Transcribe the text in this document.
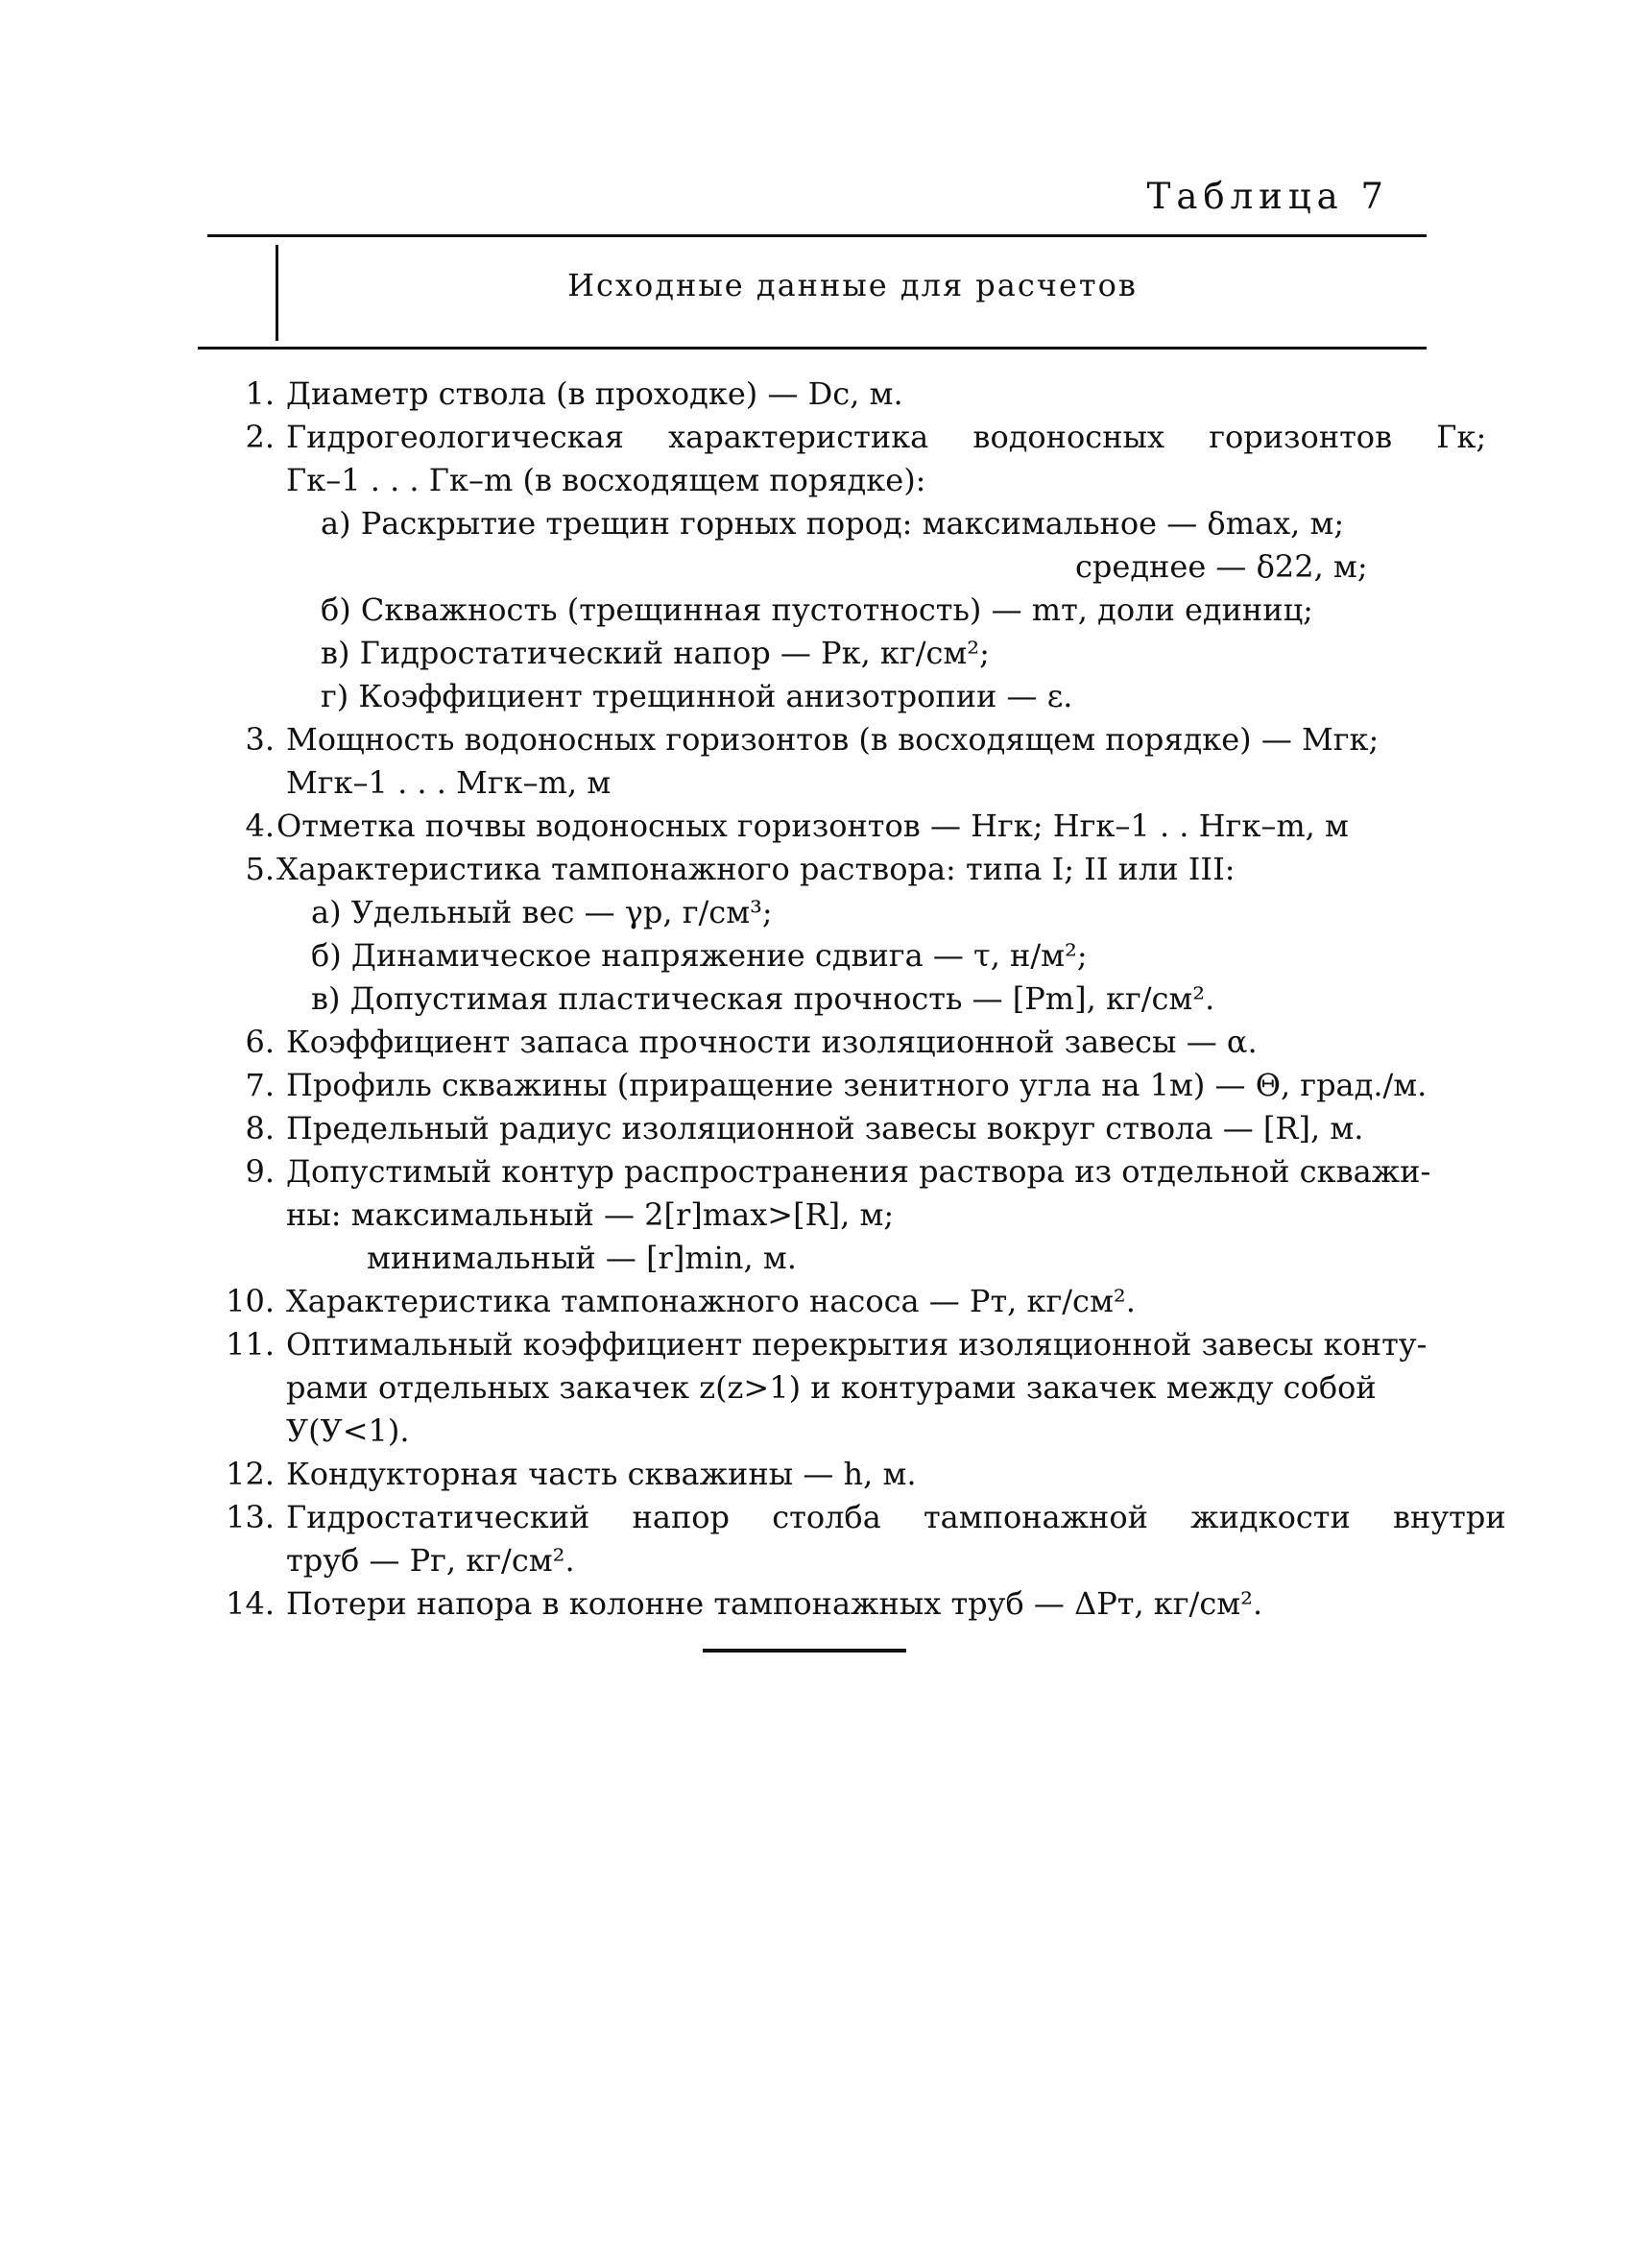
Таблица 7
Исходные данные для расчетов
1. Диаметр ствола (в проходке) — Dc, м.
2. Гидрогеологическая характеристика водоносных горизонтов Гк;
Гк–1 . . . Гк–m (в восходящем порядке):
а) Раскрытие трещин горных пород: максимальное — δmax, м;
среднее — δ22, м;
б) Скважность (трещинная пустотность) — mт, доли единиц;
в) Гидростатический напор — Pк, кг/см²;
г) Коэффициент трещинной анизотропии — ε.
3. Мощность водоносных горизонтов (в восходящем порядке) — Mгк;
Mгк–1 . . . Mгк–m, м
4. Отметка почвы водоносных горизонтов — Hгк; Hгк–1 . . Hгк–m, м
5. Характеристика тампонажного раствора: типа I; II или III:
а) Удельный вес — γр, г/см³;
б) Динамическое напряжение сдвига — τ, н/м²;
в) Допустимая пластическая прочность — [Pm], кг/см².
6. Коэффициент запаса прочности изоляционной завесы — α.
7. Профиль скважины (приращение зенитного угла на 1м) — Θ, град./м.
8. Предельный радиус изоляционной завесы вокруг ствола — [R], м.
9. Допустимый контур распространения раствора из отдельной скважи-
ны: максимальный — 2[r]max>[R], м;
минимальный — [r]min, м.
10. Характеристика тампонажного насоса — Pт, кг/см².
11. Оптимальный коэффициент перекрытия изоляционной завесы конту-
рами отдельных закачек z(z>1) и контурами закачек между собой
У(У<1).
12. Кондукторная часть скважины — h, м.
13. Гидростатический напор столба тампонажной жидкости внутри
труб — Pг, кг/см².
14. Потери напора в колонне тампонажных труб — ΔPт, кг/см².
